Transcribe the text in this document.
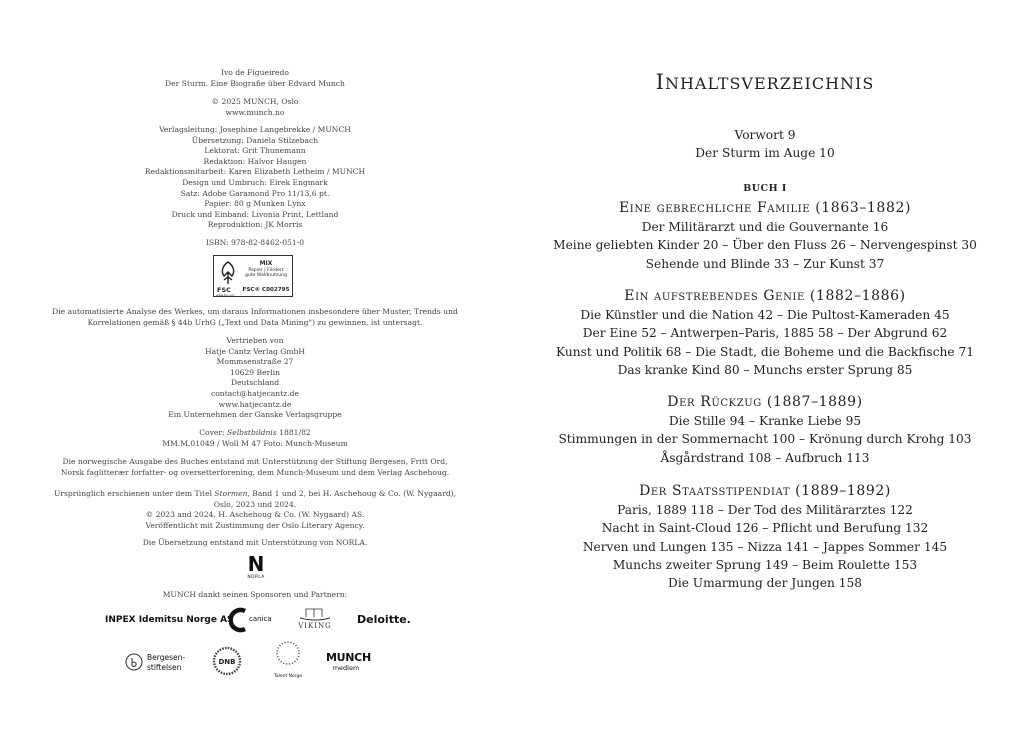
Ivo de Figueiredo
Der Sturm. Eine Biografie über Edvard Munch
© 2025 MUNCH, Oslo
www.munch.no
Verlagsleitung: Josephine Langebrekke / MUNCH
Übersetzung: Daniela Stilzebach
Lektorat: Grit Thunemann
Redaktion: Halvor Haugen
Redaktionsmitarbeit: Karen Elizabeth Letheim / MUNCH
Design und Umbruch: Eirek Engmark
Satz: Adobe Garamond Pro 11/13,6 pt.
Papier: 80 g Munken Lynx
Druck und Einband: Livonia Print, Lettland
Reproduktion: JK Morris
ISBN: 978-82-8462-051-0
FSC
MIX
Papier | Fördert
gute Waldnutzung
FSC® C002795
www.fsc.org
Die automatisierte Analyse des Werkes, um daraus Informationen insbesondere über Muster, Trends und
Korrelationen gemäß § 44b UrhG („Text und Data Mining") zu gewinnen, ist untersagt.
Vertrieben von
Hatje Cantz Verlag GmbH
Mommsenstraße 27
10629 Berlin
Deutschland
contact@hatjecantz.de
www.hatjecantz.de
Ein Unternehmen der Ganske Verlagsgruppe
Cover: Selbstbildnis 1881/82
MM.M.01049 / Woll M 47 Foto: Munch-Museum
Die norwegische Ausgabe des Buches entstand mit Unterstützung der Stiftung Bergesen, Fritt Ord,
Norsk faglitterær forfatter- og oversetterforening, dem Munch-Museum und dem Verlag Aschehoug.
Ursprünglich erschienen unter dem Titel Stormen, Band 1 und 2, bei H. Aschehoug & Co. (W. Nygaard),
Oslo, 2023 und 2024.
© 2023 and 2024, H. Aschehoug & Co. (W. Nygaard) AS.
Veröffentlicht mit Zustimmung der Oslo Literary Agency.
Die Übersetzung entstand mit Unterstützung von NORLA.
N
NORLA
MUNCH dankt seinen Sponsoren und Partnern:
INPEX Idemitsu Norge AS canica
VIKING	Deloitte.
Bergesen-
stiftelsen
DNB
Talent Norge
MUNCH
medlem
INHALTSVERZEICHNIS
Vorwort 9
Der Sturm im Auge 10
BUCH I
Eine gebrechliche Familie (1863–1882)
Der Militärarzt und die Gouvernante 16
Meine geliebten Kinder 20 – Über den Fluss 26 – Nervengespinst 30
Sehende und Blinde 33 – Zur Kunst 37
Ein aufstrebendes Genie (1882–1886)
Die Künstler und die Nation 42 – Die Pultost-Kameraden 45
Der Eine 52 – Antwerpen–Paris, 1885 58 – Der Abgrund 62
Kunst und Politik 68 – Die Stadt, die Boheme und die Backfische 71
Das kranke Kind 80 – Munchs erster Sprung 85
Der Rückzug (1887–1889)
Die Stille 94 – Kranke Liebe 95
Stimmungen in der Sommernacht 100 – Krönung durch Krohg 103
Åsgårdstrand 108 – Aufbruch 113
Der Staatsstipendiat (1889–1892)
Paris, 1889 118 – Der Tod des Militärarztes 122
Nacht in Saint-Cloud 126 – Pflicht und Berufung 132
Nerven und Lungen 135 – Nizza 141 – Jappes Sommer 145
Munchs zweiter Sprung 149 – Beim Roulette 153
Die Umarmung der Jungen 158
